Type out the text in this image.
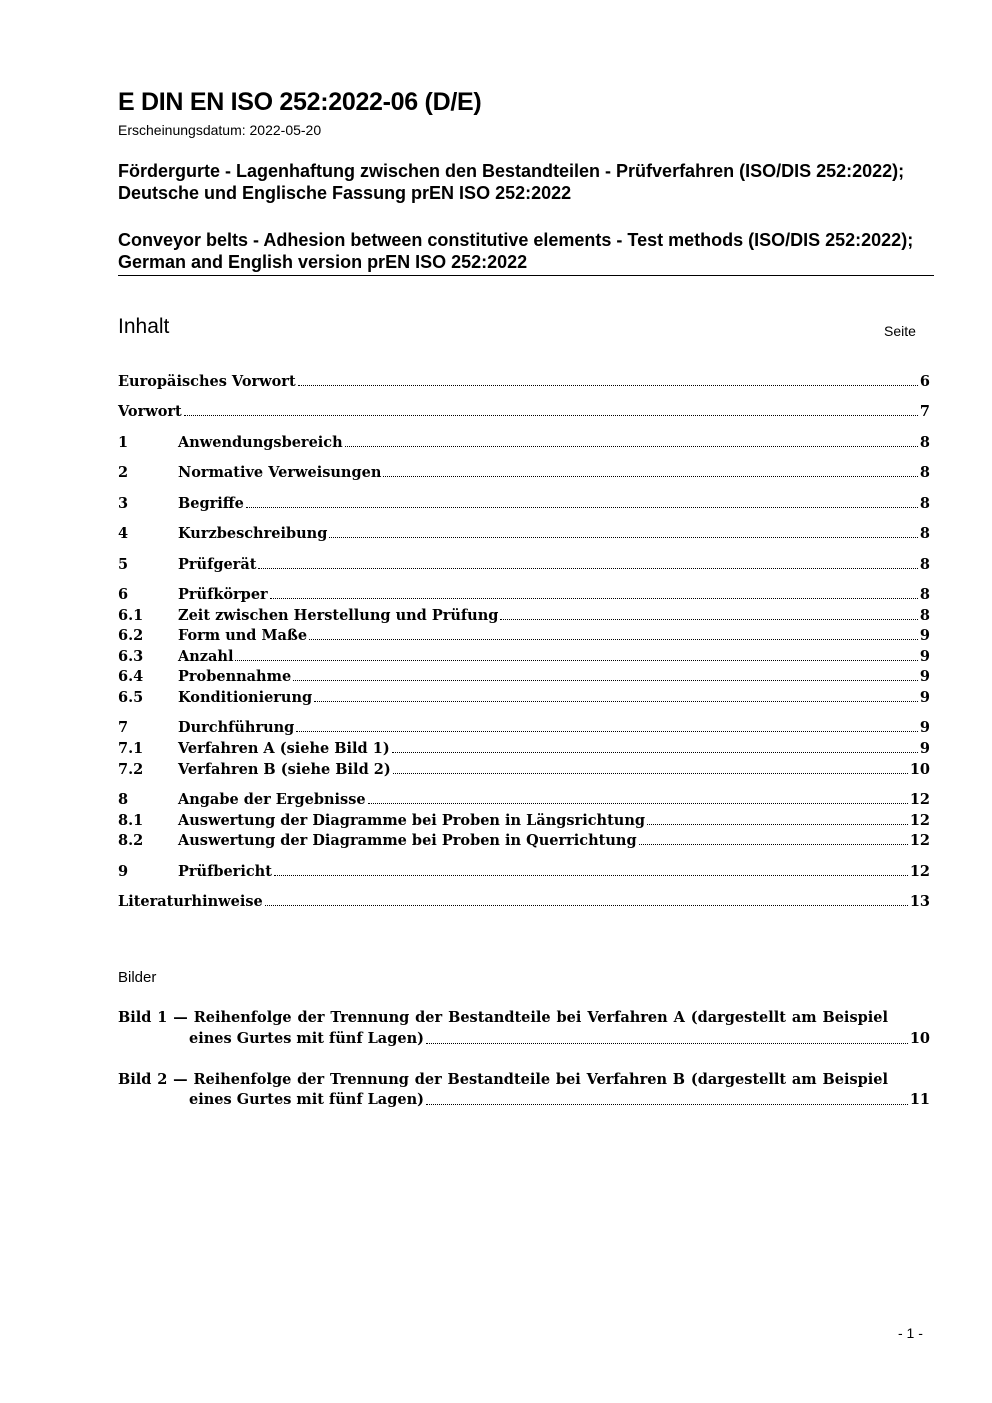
E DIN EN ISO 252:2022-06 (D/E)
Erscheinungsdatum: 2022-05-20
Fördergurte - Lagenhaftung zwischen den Bestandteilen - Prüfverfahren (ISO/DIS 252:2022); Deutsche und Englische Fassung prEN ISO 252:2022
Conveyor belts - Adhesion between constitutive elements - Test methods (ISO/DIS 252:2022); German and English version prEN ISO 252:2022
Inhalt	Seite
Europäisches Vorwort	6
Vorwort	7
1	Anwendungsbereich	8
2	Normative Verweisungen	8
3	Begriffe	8
4	Kurzbeschreibung	8
5	Prüfgerät	8
6	Prüfkörper	8
6.1	Zeit zwischen Herstellung und Prüfung	8
6.2	Form und Maße	9
6.3	Anzahl	9
6.4	Probennahme	9
6.5	Konditionierung	9
7	Durchführung	9
7.1	Verfahren A (siehe Bild 1)	9
7.2	Verfahren B (siehe Bild 2)	10
8	Angabe der Ergebnisse	12
8.1	Auswertung der Diagramme bei Proben in Längsrichtung	12
8.2	Auswertung der Diagramme bei Proben in Querrichtung	12
9	Prüfbericht	12
Literaturhinweise	13
Bilder
Bild 1 — Reihenfolge der Trennung der Bestandteile bei Verfahren A (dargestellt am Beispiel
eines Gurtes mit fünf Lagen)	10
Bild 2 — Reihenfolge der Trennung der Bestandteile bei Verfahren B (dargestellt am Beispiel
eines Gurtes mit fünf Lagen)	11
- 1 -
